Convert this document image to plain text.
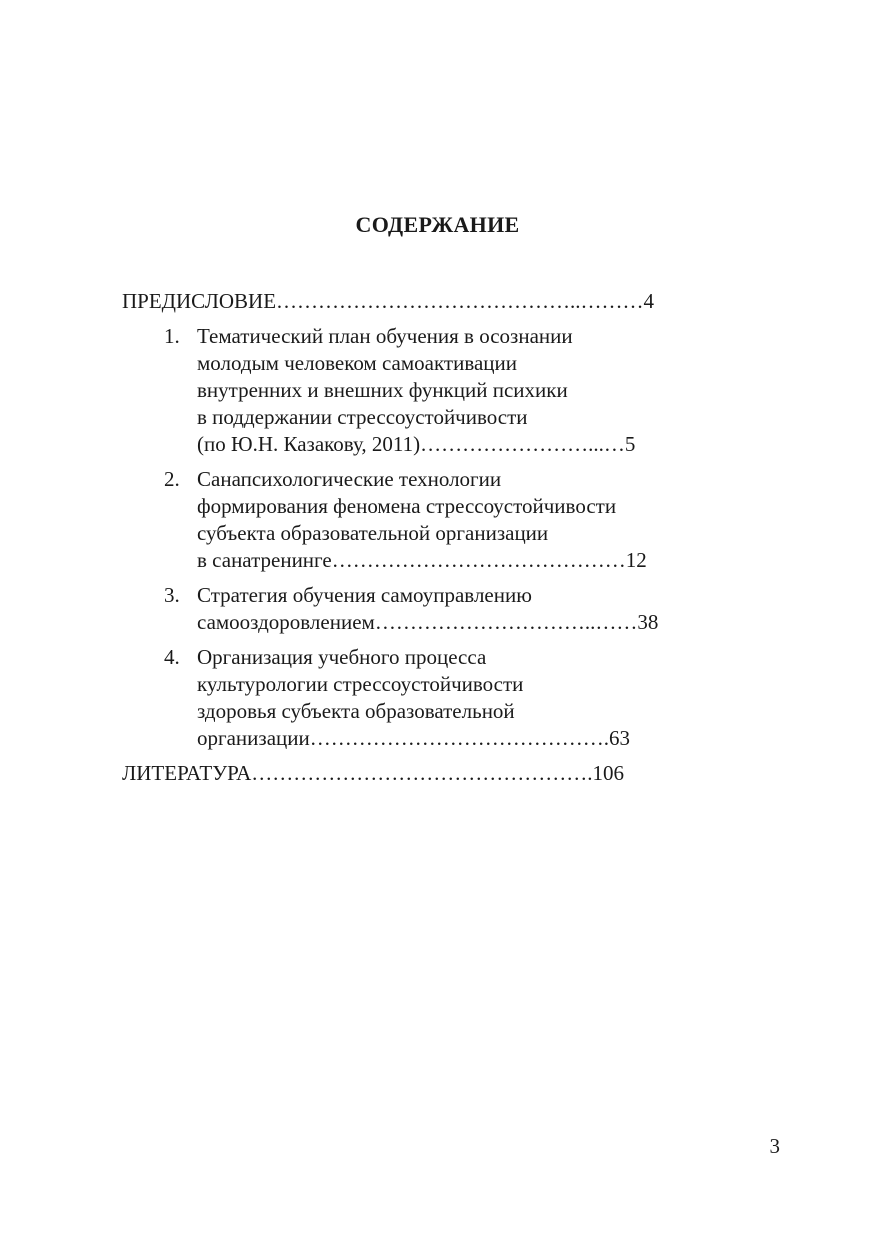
СОДЕРЖАНИЕ

ПРЕДИСЛОВИЕ……………………………………..………4

1. Тематический план обучения в осознании

молодым человеком самоактивации

внутренних и внешних функций психики

в поддержании стрессоустойчивости

(по Ю.Н. Казакову, 2011)……………………...…5

2. Санапсихологические технологии

формирования феномена стрессоустойчивости

субъекта образовательной организации

в санатренинге……………………………………12

3. Стратегия обучения самоуправлению

самооздоровлением…………………………..……38

4. Организация учебного процесса

культурологии стрессоустойчивости

здоровья субъекта образовательной

организации…………………………………….63

ЛИТЕРАТУРА………………………………………….106

3
